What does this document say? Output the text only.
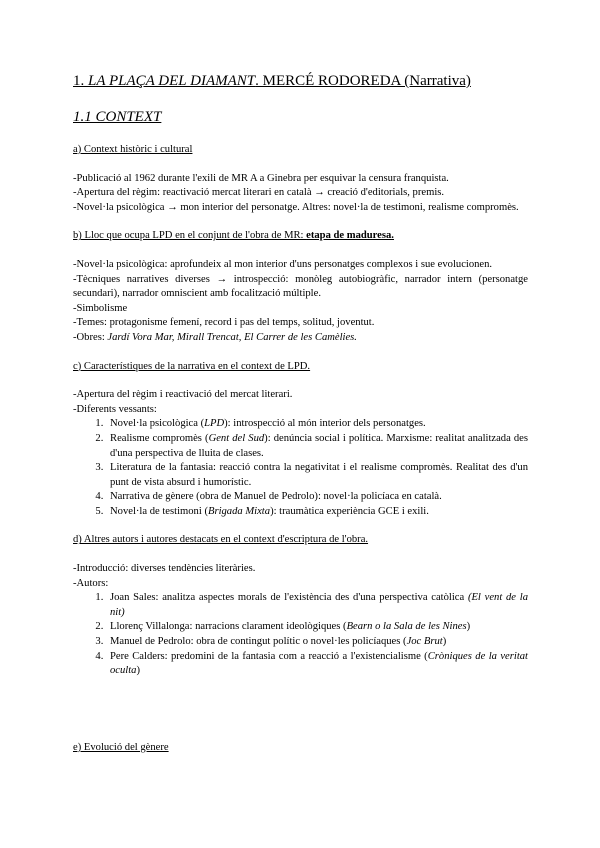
1. LA PLAÇA DEL DIAMANT. MERCÉ RODOREDA (Narrativa)
1.1 CONTEXT
a) Context històric i cultural

-Publicació al 1962 durante l'exili de MR A a Ginebra per esquivar la censura franquista.

-Apertura del règim: reactivació mercat literari en català → creació d'editorials, premis.

-Novel·la psicològica → mon interior del personatge. Altres: novel·la de testimoni, realisme compromès.

b) Lloc que ocupa LPD en el conjunt de l'obra de MR: etapa de maduresa.

-Novel·la psicològica: aprofundeix al mon interior d'uns personatges complexos i sue evolucionen.

-Tècniques narratives diverses → introspecció: monòleg autobiogràfic, narrador intern (personatge secundari), narrador omniscient amb focalització múltiple.

-Simbolisme

-Temes: protagonisme femení, record i pas del temps, solitud, joventut.

-Obres: Jardí Vora Mar, Mirall Trencat, El Carrer de les Camèlies.

c) Característiques de la narrativa en el context de LPD.

-Apertura del règim i reactivació del mercat literari.

-Diferents vessants:

1. Novel·la psicològica (LPD): introspecció al món interior dels personatges.
2. Realisme compromès (Gent del Sud): denúncia social i política. Marxisme: realitat analitzada des d'una perspectiva de lluita de clases.
3. Literatura de la fantasia: reacció contra la negativitat i el realisme compromès. Realitat des d'un punt de vista absurd i humorístic.
4. Narrativa de gènere (obra de Manuel de Pedrolo): novel·la policíaca en català.
5. Novel·la de testimoni (Brigada Mixta): traumàtica experiència GCE i exili.
d) Altres autors i autores destacats en el context d'escriptura de l'obra.

-Introducció: diverses tendències literàries.

-Autors:

1. Joan Sales: analitza aspectes morals de l'existència des d'una perspectiva catòlica (El vent de la nit)
2. Llorenç Villalonga: narracions clarament ideològiques (Bearn o la Sala de les Nines)
3. Manuel de Pedrolo: obra de contingut polític o novel·les policíaques (Joc Brut)
4. Pere Calders: predomini de la fantasia com a reacció a l'existencialisme (Cròniques de la veritat oculta)
e) Evolució del gènere
